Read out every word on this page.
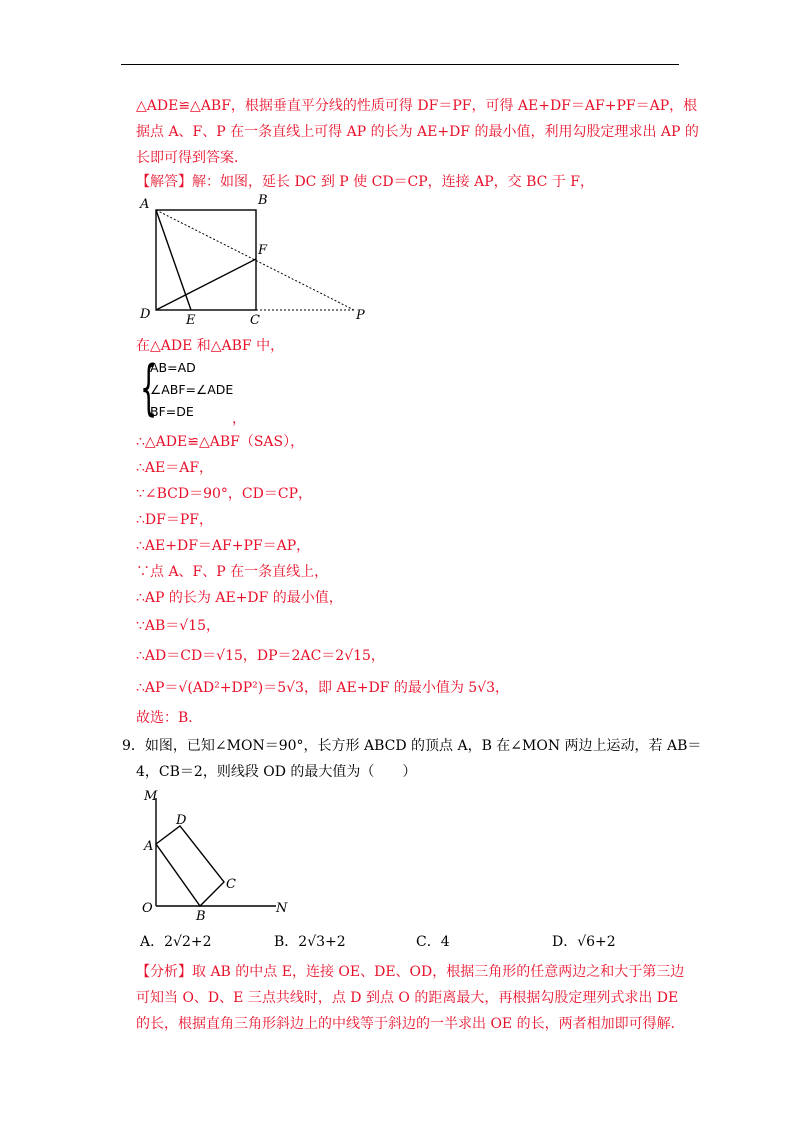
△ADE≌△ABF，根据垂直平分线的性质可得 DF＝PF，可得 AE+DF＝AF+PF＝AP，根
据点 A、F、P 在一条直线上可得 AP 的长为 AE+DF 的最小值，利用勾股定理求出 AP 的
长即可得到答案．
【解答】解：如图，延长 DC 到 P 使 CD＝CP，连接 AP，交 BC 于 F，
A	B
F
D	E	C	P
在△ADE 和△ABF 中，
{
AB=AD
∠ABF=∠ADE
BF=DE	，
∴△ADE≌△ABF（SAS），
∴AE＝AF，
∵∠BCD＝90°，CD＝CP，
∴DF＝PF，
∴AE+DF＝AF+PF＝AP，
∵点 A、F、P 在一条直线上，
∴AP 的长为 AE+DF 的最小值，
∵AB＝√15，
∴AD＝CD＝√15，DP＝2AC＝2√15，
∴AP＝√(AD²+DP²)＝5√3，即 AE+DF 的最小值为 5√3，
故选：B．
9．如图，已知∠MON＝90°，长方形 ABCD 的顶点 A，B 在∠MON 两边上运动，若 AB＝
4，CB＝2，则线段 OD 的最大值为（　　）
M
D
A
C
O
B
N
A．2√2+2	B．2√3+2	C．4	D．√6+2
【分析】取 AB 的中点 E，连接 OE、DE、OD，根据三角形的任意两边之和大于第三边
可知当 O、D、E 三点共线时，点 D 到点 O 的距离最大，再根据勾股定理列式求出 DE
的长，根据直角三角形斜边上的中线等于斜边的一半求出 OE 的长，两者相加即可得解．
